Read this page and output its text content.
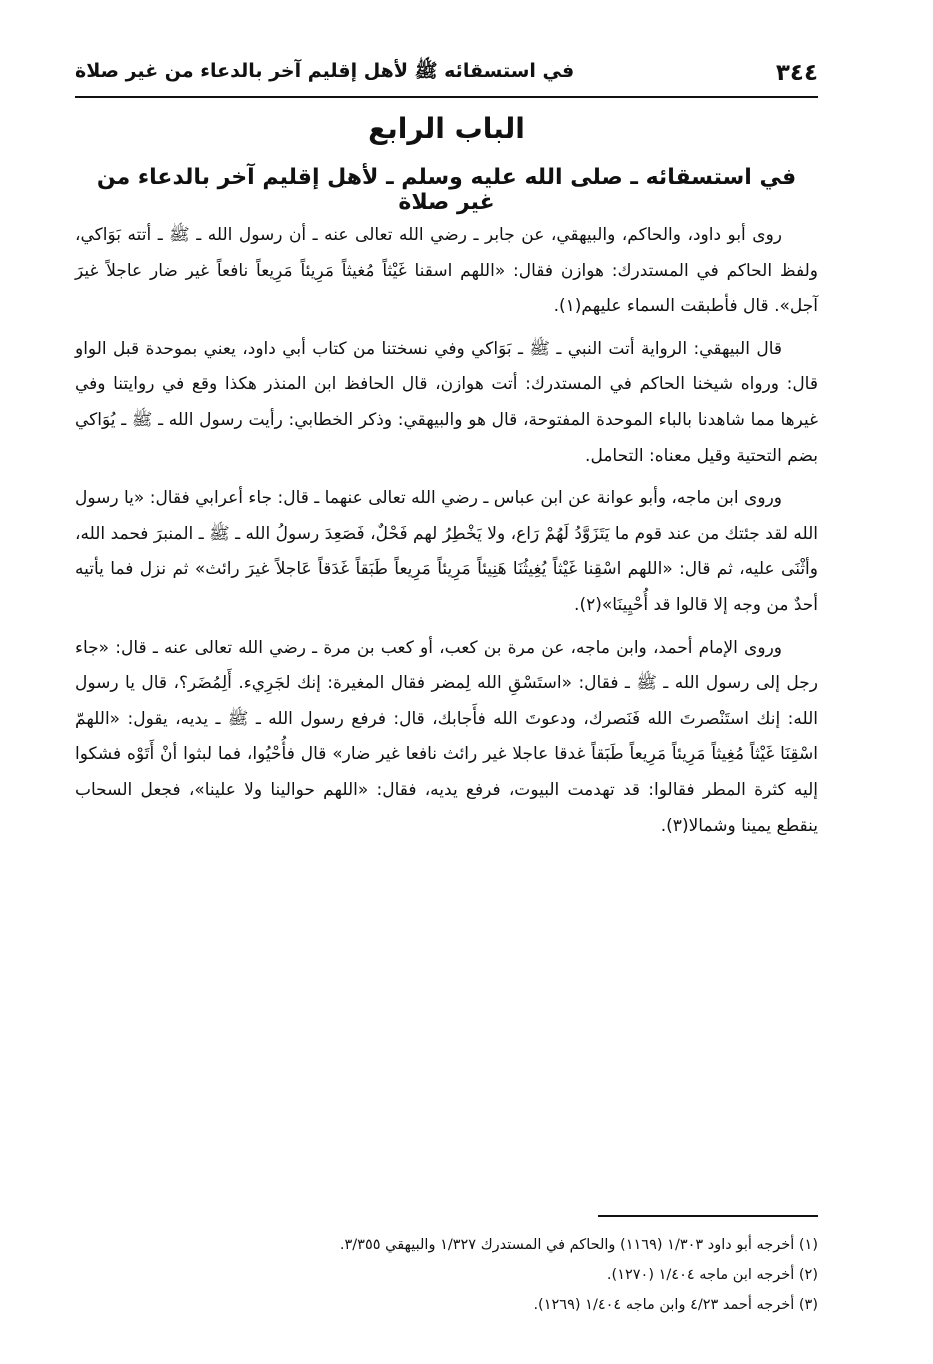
٣٤٤
في استسقائه ﷺ لأهل إقليم آخر بالدعاء من غير صلاة
الباب الرابع
في استسقائه ـ صلى الله عليه وسلم ـ لأهل إقليم آخر بالدعاء من غير صلاة

روى أبو داود، والحاكم، والبيهقي، عن جابر ـ رضي الله تعالى عنه ـ أن رسول الله ـ ﷺ ـ أتته بَوَاكي، ولفظ الحاكم في المستدرك: هوازن فقال: «اللهم اسقنا غَيْثاً مُغيثاً مَرِيئاً مَرِيعاً نافعاً غير ضار عاجلاً غيرَ آجل». قال فأطبقت السماء عليهم(١).

قال البيهقي: الرواية أتت النبي ـ ﷺ ـ بَوَاكي وفي نسختنا من كتاب أبي داود، يعني بموحدة قبل الواو قال: ورواه شيخنا الحاكم في المستدرك: أتت هوازن، قال الحافظ ابن المنذر هكذا وقع في روايتنا وفي غيرها مما شاهدنا بالباء الموحدة المفتوحة، قال هو والبيهقي: وذكر الخطابي: رأيت رسول الله ـ ﷺ ـ يُوَاكي بضم التحتية وقيل معناه: التحامل.

وروى ابن ماجه، وأبو عوانة عن ابن عباس ـ رضي الله تعالى عنهما ـ قال: جاء أعرابي فقال: «يا رسول الله لقد جئتك من عند قوم ما يَتَزَوَّدُ لَهُمْ رَاع، ولا يَخْطِرُ لهم فَحْلٌ، فَصَعِدَ رسولُ الله ـ ﷺ ـ المنبرَ فحمد الله، وأثْنَى عليه، ثم قال: «اللهم اسْقِنا غَيْثاً يُغِيثُنَا هَنِيئاً مَرِيئاً مَرِيعاً طَبَقاً غَدَقاً عَاجلاً غيرَ رائث» ثم نزل فما يأتيه أحدٌ من وجه إلا قالوا قد أُحْيِينَا»(٢).

وروى الإمام أحمد، وابن ماجه، عن مرة بن كعب، أو كعب بن مرة ـ رضي الله تعالى عنه ـ قال: «جاء رجل إلى رسول الله ـ ﷺ ـ فقال: «استَسْقِ الله لِمضر فقال المغيرة: إنك لجَرِيء. أَلِمُضَر؟، قال يا رسول الله: إنك استَنْصرتَ الله فَنَصرك، ودعوتَ الله فأَجابك، قال: فرفع رسول الله ـ ﷺ ـ يديه، يقول: «اللهمّ اسْقِنَا غَيْثاً مُغِيثاً مَرِيئاً مَرِيعاً طَبَقاً غدقا عاجلا غير رائث نافعا غير ضار» قال فأُحْيُوا، فما لبثوا أنْ أَتَوْه فشكوا إليه كثرة المطر فقالوا: قد تهدمت البيوت، فرفع يديه، فقال: «اللهم حوالينا ولا علينا»، فجعل السحاب ينقطع يمينا وشمالا(٣).

(١) أخرجه أبو داود ١/٣٠٣ (١١٦٩) والحاكم في المستدرك ١/٣٢٧ والبيهقي ٣/٣٥٥.
(٢) أخرجه ابن ماجه ١/٤٠٤ (١٢٧٠).
(٣) أخرجه أحمد ٤/٢٣ وابن ماجه ١/٤٠٤ (١٢٦٩).
